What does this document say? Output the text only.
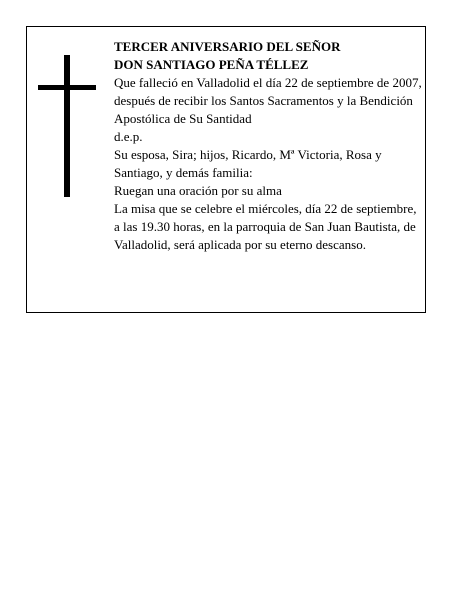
TERCER ANIVERSARIO DEL SEÑOR
DON SANTIAGO PEÑA TÉLLEZ
Que falleció en Valladolid el día 22 de septiembre de 2007, después de recibir los Santos Sacramentos y la Bendición Apostólica de Su Santidad
d.e.p.
Su esposa, Sira; hijos, Ricardo, Mª Victoria, Rosa y Santiago, y demás familia:
Ruegan una oración por su alma
La misa que se celebre el miércoles, día 22 de septiembre, a las 19.30 horas, en la parroquia de San Juan Bautista, de Valladolid, será aplicada por su eterno descanso.
